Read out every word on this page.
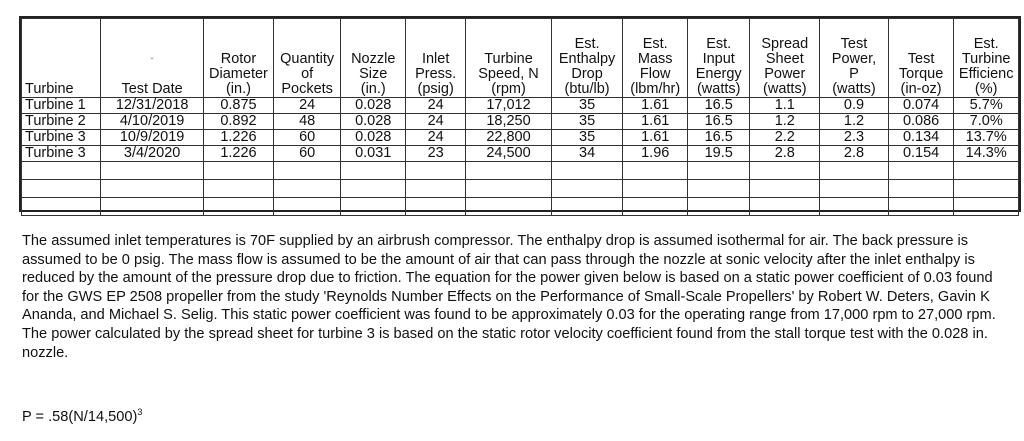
Turbine	ˇ
Test Date	Rotor
Diameter
(in.)	Quantity
of
Pockets	Nozzle
Size
(in.)	Inlet
Press.
(psig)	Turbine
Speed, N
(rpm)	Est.
Enthalpy
Drop
(btu/lb)	Est.
Mass
Flow
(lbm/hr)	Est.
Input
Energy
(watts)	Spread
Sheet
Power
(watts)	Test
Power,
P
(watts)	Test
Torque
(in-oz)	Est.
Turbine
Efficienc
(%)

Turbine 1	12/31/2018	0.875	24	0.028	24	17,012	35	1.61	16.5	1.1	0.9	0.074	5.7%
Turbine 2	4/10/2019	0.892	48	0.028	24	18,250	35	1.61	16.5	1.2	1.2	0.086	7.0%
Turbine 3	10/9/2019	1.226	60	0.028	24	22,800	35	1.61	16.5	2.2	2.3	0.134	13.7%
Turbine 3	3/4/2020	1.226	60	0.031	23	24,500	34	1.96	19.5	2.8	2.8	0.154	14.3%

The assumed inlet temperatures is 70F supplied by an airbrush compressor. The enthalpy drop is assumed isothermal for air. The back pressure is assumed to be 0 psig. The mass flow is assumed to be the amount of air that can pass through the nozzle at sonic velocity after the inlet enthalpy is reduced by the amount of the pressure drop due to friction. The equation for the power given below is based on a static power coefficient of 0.03 found for the GWS EP 2508 propeller from the study 'Reynolds Number Effects on the Performance of Small-Scale Propellers' by Robert W. Deters, Gavin K Ananda, and Michael S. Selig. This static power coefficient was found to be approximately 0.03 for the operating range from 17,000 rpm to 27,000 rpm. The power calculated by the spread sheet for turbine 3 is based on the static rotor velocity coefficient found from the stall torque test with the 0.028 in. nozzle.
$P = .58(N/14,500)^3$
